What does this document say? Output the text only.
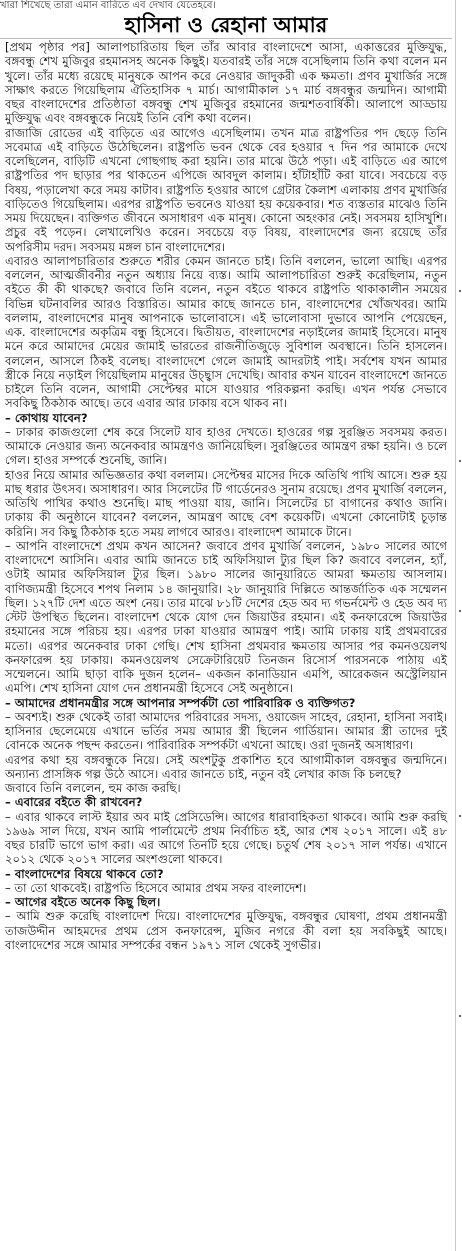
খারা শিখেছে তারা এমান বারিতে এব দেখাব যেতেহবে।
হাসিনা ও রেহানা আমার

[প্রথম পৃষ্ঠার পর] আলাপচারিতায় ছিল তাঁর আবার বাংলাদেশে আসা, একাত্তরের মুক্তিযুদ্ধ, বঙ্গবন্ধু শেখ মুজিবুর রহমানসহ অনেক কিছুই। যতবারই তাঁর সঙ্গে বসেছিলাম তিনি কথা বলেন মন খুলে। তাঁর মধ্যে রয়েছে মানুষকে আপন করে নেওয়ার জাদুকরী এক ক্ষমতা। প্রণব মুখার্জির সঙ্গে সাক্ষাৎ করতে গিয়েছিলাম ঐতিহাসিক ৭ মার্চ। আগামীকাল ১৭ মার্চ বঙ্গবন্ধুর জন্মদিন। আগামী বছর বাংলাদেশের প্রতিষ্ঠাতা বঙ্গবন্ধু শেখ মুজিবুর রহমানের জন্মশতবার্ষিকী। আলাপে আড্ডায় মুক্তিযুদ্ধ এবং বঙ্গবন্ধুকে নিয়েই তিনি বেশি কথা বলেন।

রাজাজি রোডের এই বাড়িতে এর আগেও এসেছিলাম। তখন মাত্র রাষ্ট্রপতির পদ ছেড়ে তিনি সবেমাত্র এই বাড়িতে উঠেছিলেন। রাষ্ট্রপতি ভবন থেকে বের হওয়ার ৭ দিন পর আমাকে দেখে বলেছিলেন, বাড়িটি এখনো গোছগাছ করা হয়নি। তার মাঝে উঠে পড়া। এই বাড়িতে এর আগে রাষ্ট্রপতির পদ ছাড়ার পর থাকতেন এপিজে আবদুল কালাম। হাঁটাহাঁটি করা যাবে। সবচেয়ে বড় বিষয়, পড়ালেখা করে সময় কাটাব। রাষ্ট্রপতি হওয়ার আগে গ্রেটার কৈলাশ এলাকায় প্রণব মুখার্জির বাড়িতেও গিয়েছিলাম। এরপর রাষ্ট্রপতি ভবনেও যাওয়া হয় কয়েকবার। শত ব্যস্ততার মাঝেও তিনি সময় দিয়েছেন। ব্যক্তিগত জীবনে অসাধারণ এক মানুষ। কোনো অহংকার নেই। সবসময় হাসিখুশি। প্রচুর বই পড়েন। লেখালেখিও করেন। সবচেয়ে বড় বিষয়, বাংলাদেশের জন্য রয়েছে তাঁর অপরিসীম দরদ। সবসময় মঙ্গল চান বাংলাদেশের।

এবারও আলাপচারিতার শুরুতে শরীর কেমন জানতে চাই। তিনি বললেন, ভালো আছি। এরপর বললেন, আত্মজীবনীর নতুন অধ্যায় নিয়ে ব্যস্ত। আমি আলাপচারিতা শুরুই করেছিলাম, নতুন বইতে কী কী থাকছে? জবাবে তিনি বলেন, নতুন বইতে থাকবে রাষ্ট্রপতি থাকাকালীন সময়ের বিভিন্ন ঘটনাবলির আরও বিস্তারিত। আমার কাছে জানতে চান, বাংলাদেশের খোঁজখবর। আমি বললাম, বাংলাদেশের মানুষ আপনাকে ভালোবাসে। এই ভালোবাসা দুভাবে আপনি পেয়েছেন, এক. বাংলাদেশের অকৃত্রিম বন্ধু হিসেবে। দ্বিতীয়ত, বাংলাদেশের নড়াইলের জামাই হিসেবে। মানুষ মনে করে আমাদের মেয়ের জামাই ভারতের রাজনীতিজুড়ে সুবিশাল অবস্থানে। তিনি হাসলেন। বললেন, আসলে ঠিকই বলেছ। বাংলাদেশে গেলে জামাই আদরটাই পাই। সর্বশেষ যখন আমার স্ত্রীকে নিয়ে নড়াইল গিয়েছিলাম মানুষের উচ্ছ্বাস দেখেছি। আবার কখন যাবেন বাংলাদেশে জানতে চাইলে তিনি বলেন, আগামী সেপ্টেম্বর মাসে যাওয়ার পরিকল্পনা করছি। এখন পর্যন্ত সেভাবে সবকিছু ঠিকঠাক আছে। তবে এবার আর ঢাকায় বসে থাকব না।

– কোথায় যাবেন?

– ঢাকার কাজগুলো শেষ করে সিলেট যাব হাওর দেখতে। হাওরের গল্প সুরঞ্জিত সবসময় করত। আমাকে নেওয়ার জন্য অনেকবার আমন্ত্রণও জানিয়েছিল। সুরঞ্জিতের আমন্ত্রণ রক্ষা হয়নি। ও চলে গেল। হাওর সম্পর্কে শুনেছি, জানি।

হাওর নিয়ে আমার অভিজ্ঞতার কথা বললাম। সেপ্টেম্বর মাসের দিকে অতিথি পাখি আসে। শুরু হয় মাছ ধরার উৎসব। অসাধারণ। আর সিলেটের টি গার্ডেনেরও সুনাম রয়েছে। প্রণব মুখার্জি বললেন, অতিথি পাখির কথাও শুনেছি। মাছ পাওয়া যায়, জানি। সিলেটের চা বাগানের কথাও জানি। ঢাকায় কী অনুষ্ঠানে যাবেন? বললেন, আমন্ত্রণ আছে বেশ কয়েকটি। এখনো কোনোটাই চূড়ান্ত করিনি। সব কিছু ঠিকঠাক হতে সময় লাগবে আরও। বাংলাদেশ আমাকে টানে।

– আপনি বাংলাদেশে প্রথম কখন আসেন? জবাবে প্রণব মুখার্জি বললেন, ১৯৮০ সালের আগে বাংলাদেশে আসিনি। এবার আমি জানতে চাই অফিসিয়াল ট্যুর ছিল কি? জবাবে বললেন, হ্যাঁ, ওটাই আমার অফিসিয়াল ট্যুর ছিল। ১৯৮০ সালের জানুয়ারিতে আমরা ক্ষমতায় আসলাম। বাণিজ্যমন্ত্রী হিসেবে শপথ নিলাম ১৪ জানুয়ারি। ২৮ জানুয়ারি দিল্লিতে আন্তর্জাতিক এক সম্মেলন ছিল। ১২৭টি দেশ এতে অংশ নেয়। তার মাঝে ৮১টি দেশের হেড অব দ্য গভর্নমেন্ট ও হেড অব দ্য স্টেট উপস্থিত ছিলেন। বাংলাদেশ থেকে যোগ দেন জিয়াউর রহমান। এই কনফারেন্সে জিয়াউর রহমানের সঙ্গে পরিচয় হয়। এরপর ঢাকা যাওয়ার আমন্ত্রণ পাই। আমি ঢাকায় যাই প্রথমবারের মতো। এরপর অনেকবার ঢাকা গেছি। শেখ হাসিনা প্রথমবার ক্ষমতায় আসার পর কমনওয়েলথ কনফারেন্স হয় ঢাকায়। কমনওয়েলথ সেক্রেটারিয়েট তিনজন রিসোর্স পারসনকে পাঠায় এই সম্মেলনে। আমি ছাড়া বাকি দুজন হলেন– একজন কানাডিয়ান এমপি, আরেকজন অস্ট্রেলিয়ান এমপি। শেখ হাসিনা যোগ দেন প্রধানমন্ত্রী হিসেবে সেই অনুষ্ঠানে।

– আমাদের প্রধানমন্ত্রীর সঙ্গে আপনার সম্পর্কটা তো পারিবারিক ও ব্যক্তিগত?

– অবশ্যই। শুরু থেকেই তারা আমাদের পরিবারের সদস্য, ওয়াজেদ সাহেব, রেহানা, হাসিনা সবাই। হাসিনার ছেলেমেয়ে এখানে ভর্তির সময় আমার স্ত্রী ছিলেন গার্ডিয়ান। আমার স্ত্রী তাদের দুই বোনকে অনেক পছন্দ করতেন। পারিবারিক সম্পর্কটা এখনো আছে। ওরা দুজনই অসাধারণ।

এরপর কথা হয় বঙ্গবন্ধুকে নিয়ে। সেই অংশটুকু প্রকাশিত হবে আগামীকাল বঙ্গবন্ধুর জন্মদিনে। অন্যান্য প্রাসঙ্গিক গল্প উঠে আসে। এবার জানতে চাই, নতুন বই লেখার কাজ কি চলছে?

জবাবে তিনি বললেন, হুম কাজ করছি।

– এবারের বইতে কী রাখবেন?

– এবার থাকবে লাস্ট ইয়ার অব মাই প্রেসিডেন্সি। আগের ধারাবাহিকতা থাকবে। আমি শুরু করছি ১৯৬৯ সাল দিয়ে, যখন আমি পার্লামেন্টে প্রথম নির্বাচিত হই, আর শেষ ২০১৭ সালে। এই ৪৮ বছর চারটি ভাগে ভাগ করা। এর আগে তিনটি হয়ে গেছে। চতুর্থ শেষ ২০১৭ সাল পর্যন্ত। এখানে ২০১২ থেকে ২০১৭ সালের অংশগুলো থাকবে।

– বাংলাদেশের বিষয়ে থাকবে তো?

– তা তো থাকবেই। রাষ্ট্রপতি হিসেবে আমার প্রথম সফর বাংলাদেশ।

– আগের বইতে অনেক কিছু ছিল।

– আমি শুরু করেছি বাংলাদেশ দিয়ে। বাংলাদেশের মুক্তিযুদ্ধ, বঙ্গবন্ধুর ঘোষণা, প্রথম প্রধানমন্ত্রী তাজউদ্দীন আহমদের প্রথম প্রেস কনফারেন্স, মুজিব নগরে কী বলা হয় সবকিছুই আছে। বাংলাদেশের সঙ্গে আমার সম্পর্কের বন্ধন ১৯৭১ সাল থেকেই সুগভীর।
